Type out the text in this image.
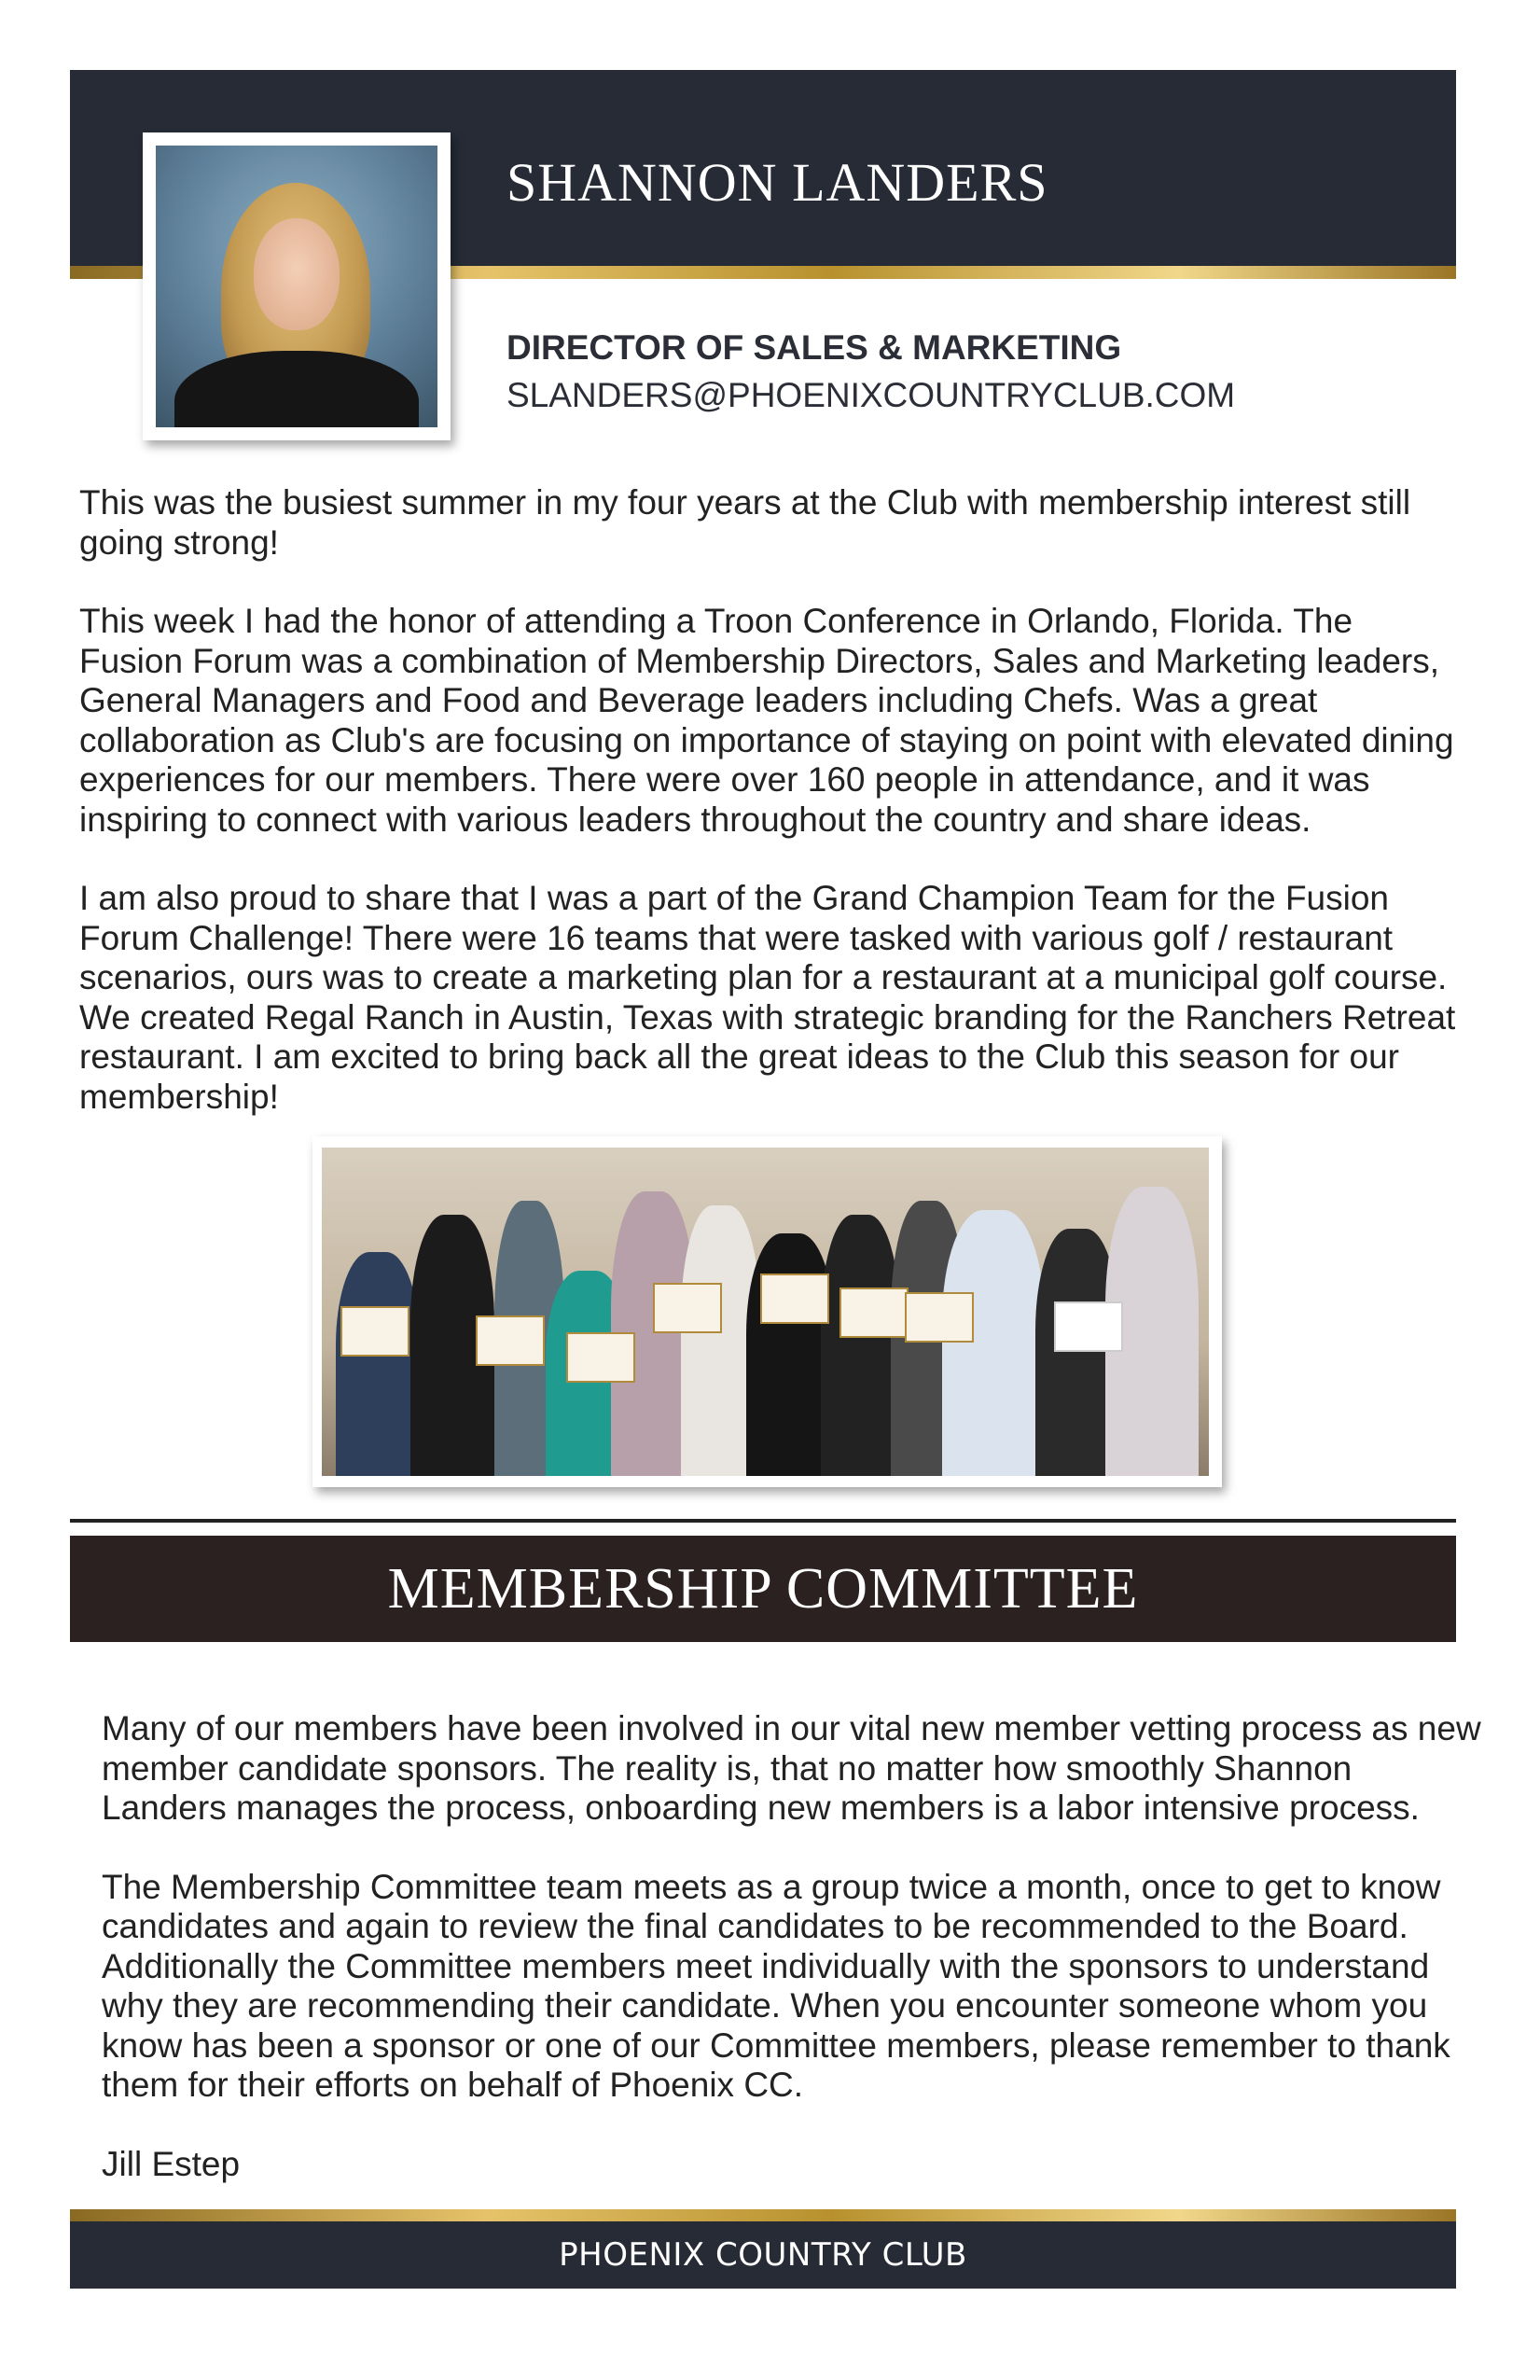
SHANNON LANDERS
DIRECTOR OF SALES & MARKETING
SLANDERS@PHOENIXCOUNTRYCLUB.COM

This was the busiest summer in my four years at the Club with membership interest still going strong!

This week I had the honor of attending a Troon Conference in Orlando, Florida. The Fusion Forum was a combination of Membership Directors, Sales and Marketing leaders, General Managers and Food and Beverage leaders including Chefs. Was a great collaboration as Club's are focusing on importance of staying on point with elevated dining experiences for our members. There were over 160 people in attendance, and it was inspiring to connect with various leaders throughout the country and share ideas.

I am also proud to share that I was a part of the Grand Champion Team for the Fusion Forum Challenge! There were 16 teams that were tasked with various golf / restaurant scenarios, ours was to create a marketing plan for a restaurant at a municipal golf course. We created Regal Ranch in Austin, Texas with strategic branding for the Ranchers Retreat restaurant. I am excited to bring back all the great ideas to the Club this season for our membership!

MEMBERSHIP COMMITTEE

Many of our members have been involved in our vital new member vetting process as new member candidate sponsors. The reality is, that no matter how smoothly Shannon Landers manages the process, onboarding new members is a labor intensive process.

The Membership Committee team meets as a group twice a month, once to get to know candidates and again to review the final candidates to be recommended to the Board. Additionally the Committee members meet individually with the sponsors to understand why they are recommending their candidate. When you encounter someone whom you know has been a sponsor or one of our Committee members, please remember to thank them for their efforts on behalf of Phoenix CC.

Jill Estep

PHOENIX COUNTRY CLUB
